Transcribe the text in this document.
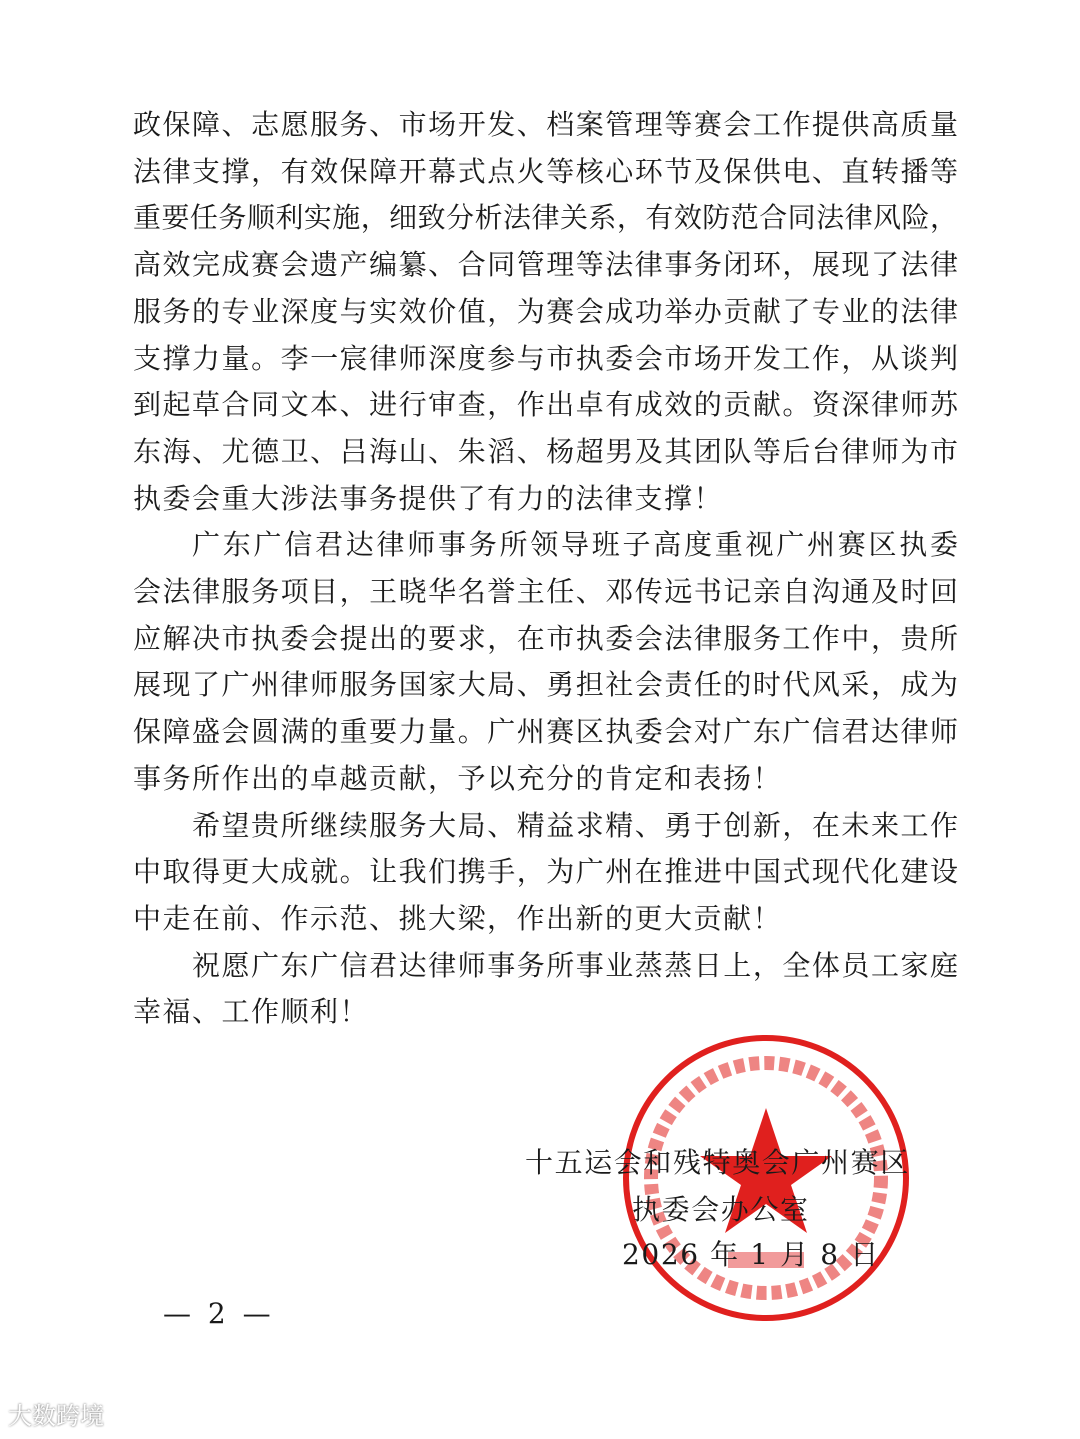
政保障、志愿服务、市场开发、档案管理等赛会工作提供高质量
法律支撑，有效保障开幕式点火等核心环节及保供电、直转播等
重要任务顺利实施，细致分析法律关系，有效防范合同法律风险，
高效完成赛会遗产编纂、合同管理等法律事务闭环，展现了法律
服务的专业深度与实效价值，为赛会成功举办贡献了专业的法律
支撑力量。李一宸律师深度参与市执委会市场开发工作，从谈判
到起草合同文本、进行审查，作出卓有成效的贡献。资深律师苏
东海、尤德卫、吕海山、朱滔、杨超男及其团队等后台律师为市
执委会重大涉法事务提供了有力的法律支撑！
广东广信君达律师事务所领导班子高度重视广州赛区执委
会法律服务项目，王晓华名誉主任、邓传远书记亲自沟通及时回
应解决市执委会提出的要求，在市执委会法律服务工作中，贵所
展现了广州律师服务国家大局、勇担社会责任的时代风采，成为
保障盛会圆满的重要力量。广州赛区执委会对广东广信君达律师
事务所作出的卓越贡献，予以充分的肯定和表扬！
希望贵所继续服务大局、精益求精、勇于创新，在未来工作
中取得更大成就。让我们携手，为广州在推进中国式现代化建设
中走在前、作示范、挑大梁，作出新的更大贡献！
祝愿广东广信君达律师事务所事业蒸蒸日上，全体员工家庭
幸福、工作顺利！
十五运会和残特奥会广州赛区
执委会办公室
2026 年 1 月 8 日
— 2 —
大数跨境
